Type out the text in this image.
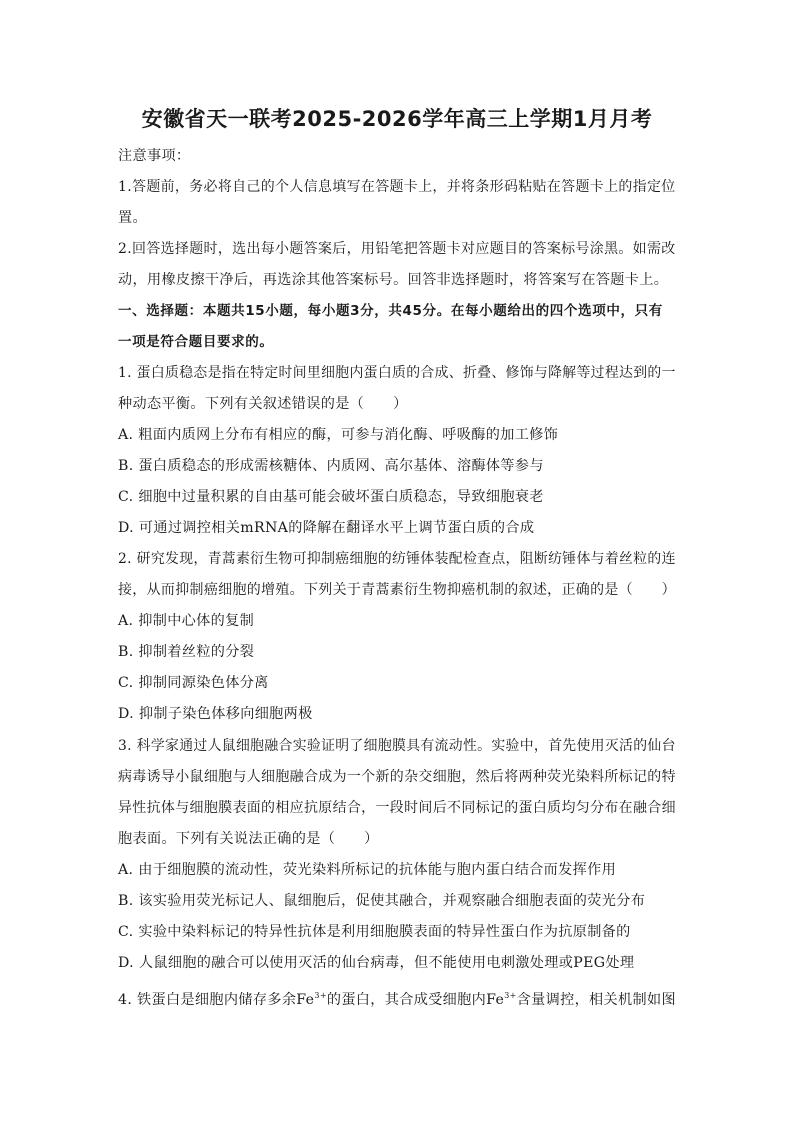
安徽省天一联考2025-2026学年高三上学期1月月考
注意事项：
1.答题前，务必将自己的个人信息填写在答题卡上，并将条形码粘贴在答题卡上的指定位
置。
2.回答选择题时，选出每小题答案后，用铅笔把答题卡对应题目的答案标号涂黑。如需改
动，用橡皮擦干净后，再选涂其他答案标号。回答非选择题时，将答案写在答题卡上。
一、选择题：本题共15小题，每小题3分，共45分。在每小题给出的四个选项中，只有
一项是符合题目要求的。
1. 蛋白质稳态是指在特定时间里细胞内蛋白质的合成、折叠、修饰与降解等过程达到的一
种动态平衡。下列有关叙述错误的是（　　）
A. 粗面内质网上分布有相应的酶，可参与消化酶、呼吸酶的加工修饰
B. 蛋白质稳态的形成需核糖体、内质网、高尔基体、溶酶体等参与
C. 细胞中过量积累的自由基可能会破坏蛋白质稳态，导致细胞衰老
D. 可通过调控相关mRNA的降解在翻译水平上调节蛋白质的合成
2. 研究发现，青蒿素衍生物可抑制癌细胞的纺锤体装配检查点，阻断纺锤体与着丝粒的连
接，从而抑制癌细胞的增殖。下列关于青蒿素衍生物抑癌机制的叙述，正确的是（　　）
A. 抑制中心体的复制
B. 抑制着丝粒的分裂
C. 抑制同源染色体分离
D. 抑制子染色体移向细胞两极
3. 科学家通过人鼠细胞融合实验证明了细胞膜具有流动性。实验中，首先使用灭活的仙台
病毒诱导小鼠细胞与人细胞融合成为一个新的杂交细胞，然后将两种荧光染料所标记的特
异性抗体与细胞膜表面的相应抗原结合，一段时间后不同标记的蛋白质均匀分布在融合细
胞表面。下列有关说法正确的是（　　）
A. 由于细胞膜的流动性，荧光染料所标记的抗体能与胞内蛋白结合而发挥作用
B. 该实验用荧光标记人、鼠细胞后，促使其融合，并观察融合细胞表面的荧光分布
C. 实验中染料标记的特异性抗体是利用细胞膜表面的特异性蛋白作为抗原制备的
D. 人鼠细胞的融合可以使用灭活的仙台病毒，但不能使用电刺激处理或PEG处理
4. 铁蛋白是细胞内储存多余$Fe^{3+}$的蛋白，其合成受细胞内$Fe^{3+}$含量调控，相关机制如图
